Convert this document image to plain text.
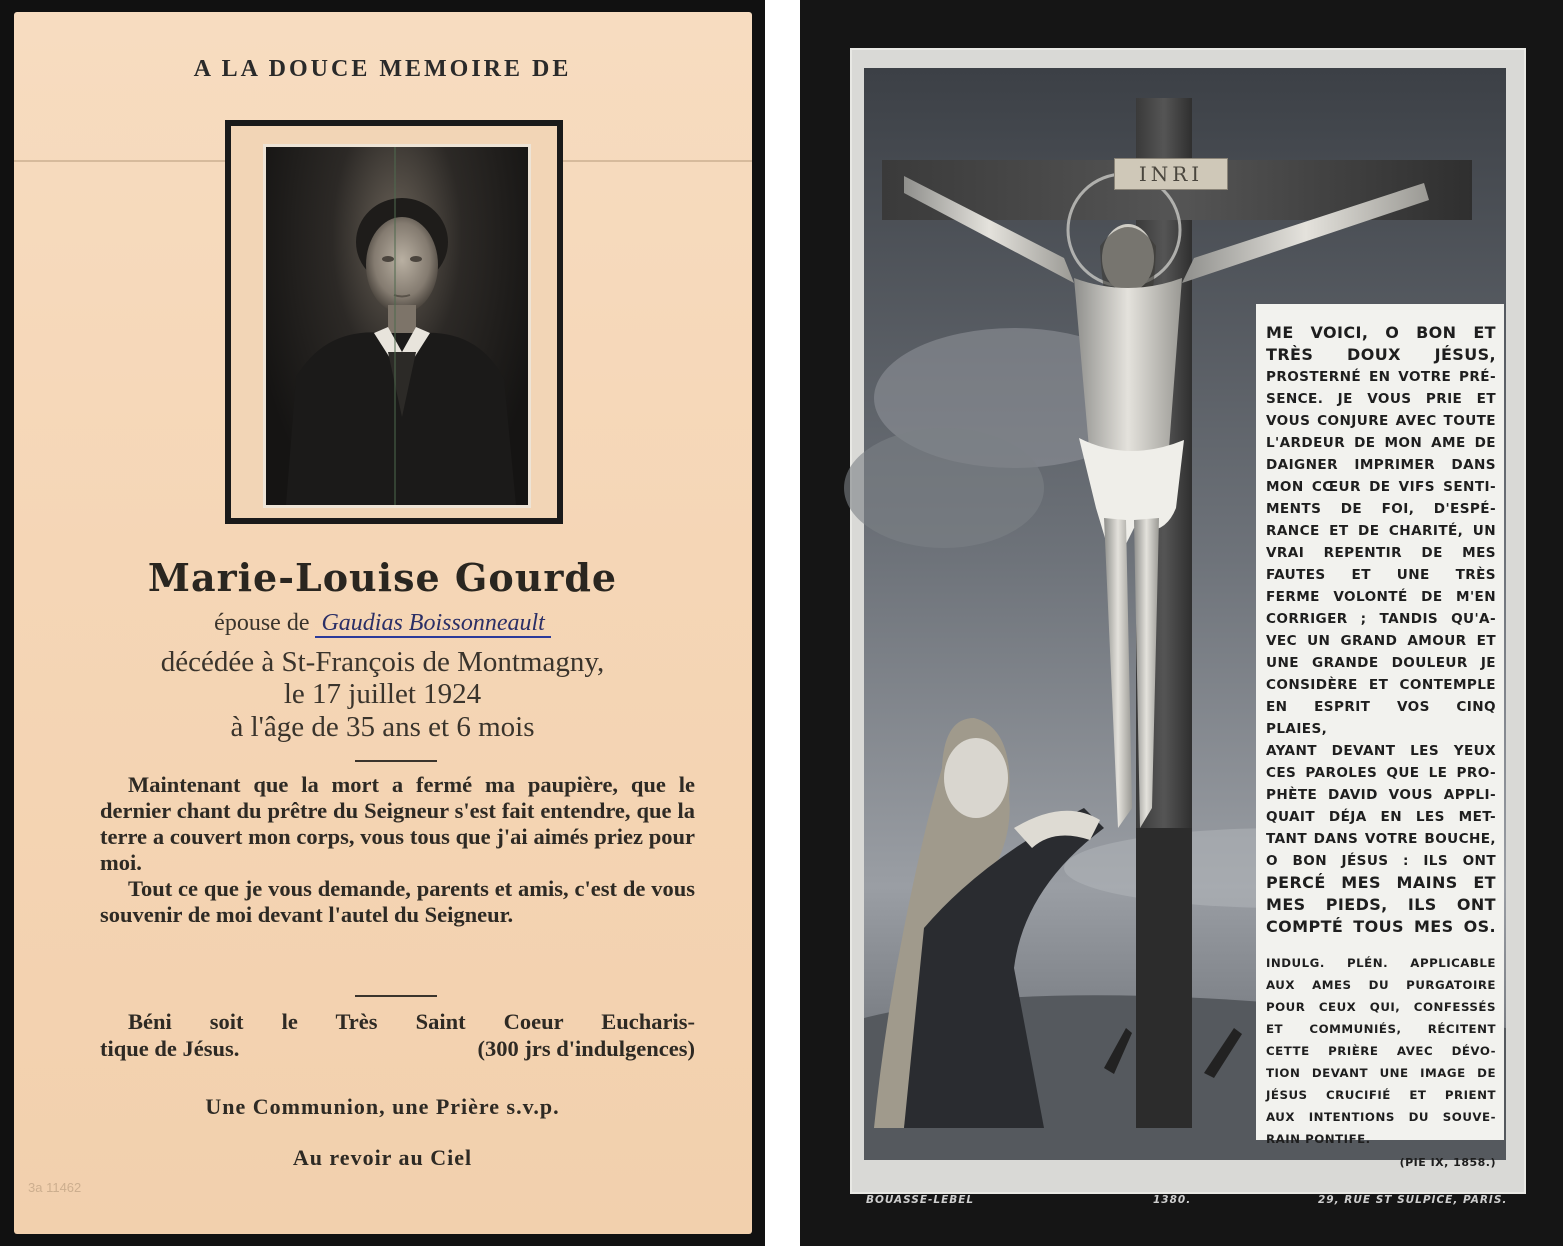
A LA DOUCE MEMOIRE DE
Marie-Louise Gourde
épouse de Gaudias Boissonneault
décédée à St-François de Montmagny,
le 17 juillet 1924
à l'âge de 35 ans et 6 mois

Maintenant que la mort a fermé ma paupière, que le dernier chant du prêtre du Seigneur s'est fait entendre, que la terre a couvert mon corps, vous tous que j'ai aimés priez pour moi.

Tout ce que je vous demande, parents et amis, c'est de vous souvenir de moi devant l'autel du Seigneur.

Béni soit le Très Saint Coeur Eucharis-
tique de Jésus.	(300 jrs d'indulgences)
Une Communion, une Prière s.v.p.
Au revoir au Ciel
3a 11462
INRI
ME VOICI, O BON ET
TRÈS DOUX JÉSUS,
PROSTERNÉ EN VOTRE PRÉ-
SENCE. JE VOUS PRIE ET
VOUS CONJURE AVEC TOUTE
L'ARDEUR DE MON AME DE
DAIGNER IMPRIMER DANS
MON CŒUR DE VIFS SENTI-
MENTS DE FOI, D'ESPÉ-
RANCE ET DE CHARITÉ, UN
VRAI REPENTIR DE MES
FAUTES ET UNE TRÈS
FERME VOLONTÉ DE M'EN
CORRIGER ; TANDIS QU'A-
VEC UN GRAND AMOUR ET
UNE GRANDE DOULEUR JE
CONSIDÈRE ET CONTEMPLE
EN ESPRIT VOS CINQ PLAIES,
AYANT DEVANT LES YEUX
CES PAROLES QUE LE PRO-
PHÈTE DAVID VOUS APPLI-
QUAIT DÉJA EN LES MET-
TANT DANS VOTRE BOUCHE,
O BON JÉSUS : ILS ONT
PERCÉ MES MAINS ET
MES PIEDS, ILS ONT
COMPTÉ TOUS MES OS.
INDULG. PLÉN. APPLICABLE
AUX AMES DU PURGATOIRE
POUR CEUX QUI, CONFESSÉS
ET COMMUNIÉS, RÉCITENT
CETTE PRIÈRE AVEC DÉVO-
TION DEVANT UNE IMAGE DE
JÉSUS CRUCIFIÉ ET PRIENT
AUX INTENTIONS DU SOUVE-
RAIN PONTIFE.
(PIE IX, 1858.)
BOUASSE-LEBEL	1380.	29, RUE ST SULPICE, PARIS.
